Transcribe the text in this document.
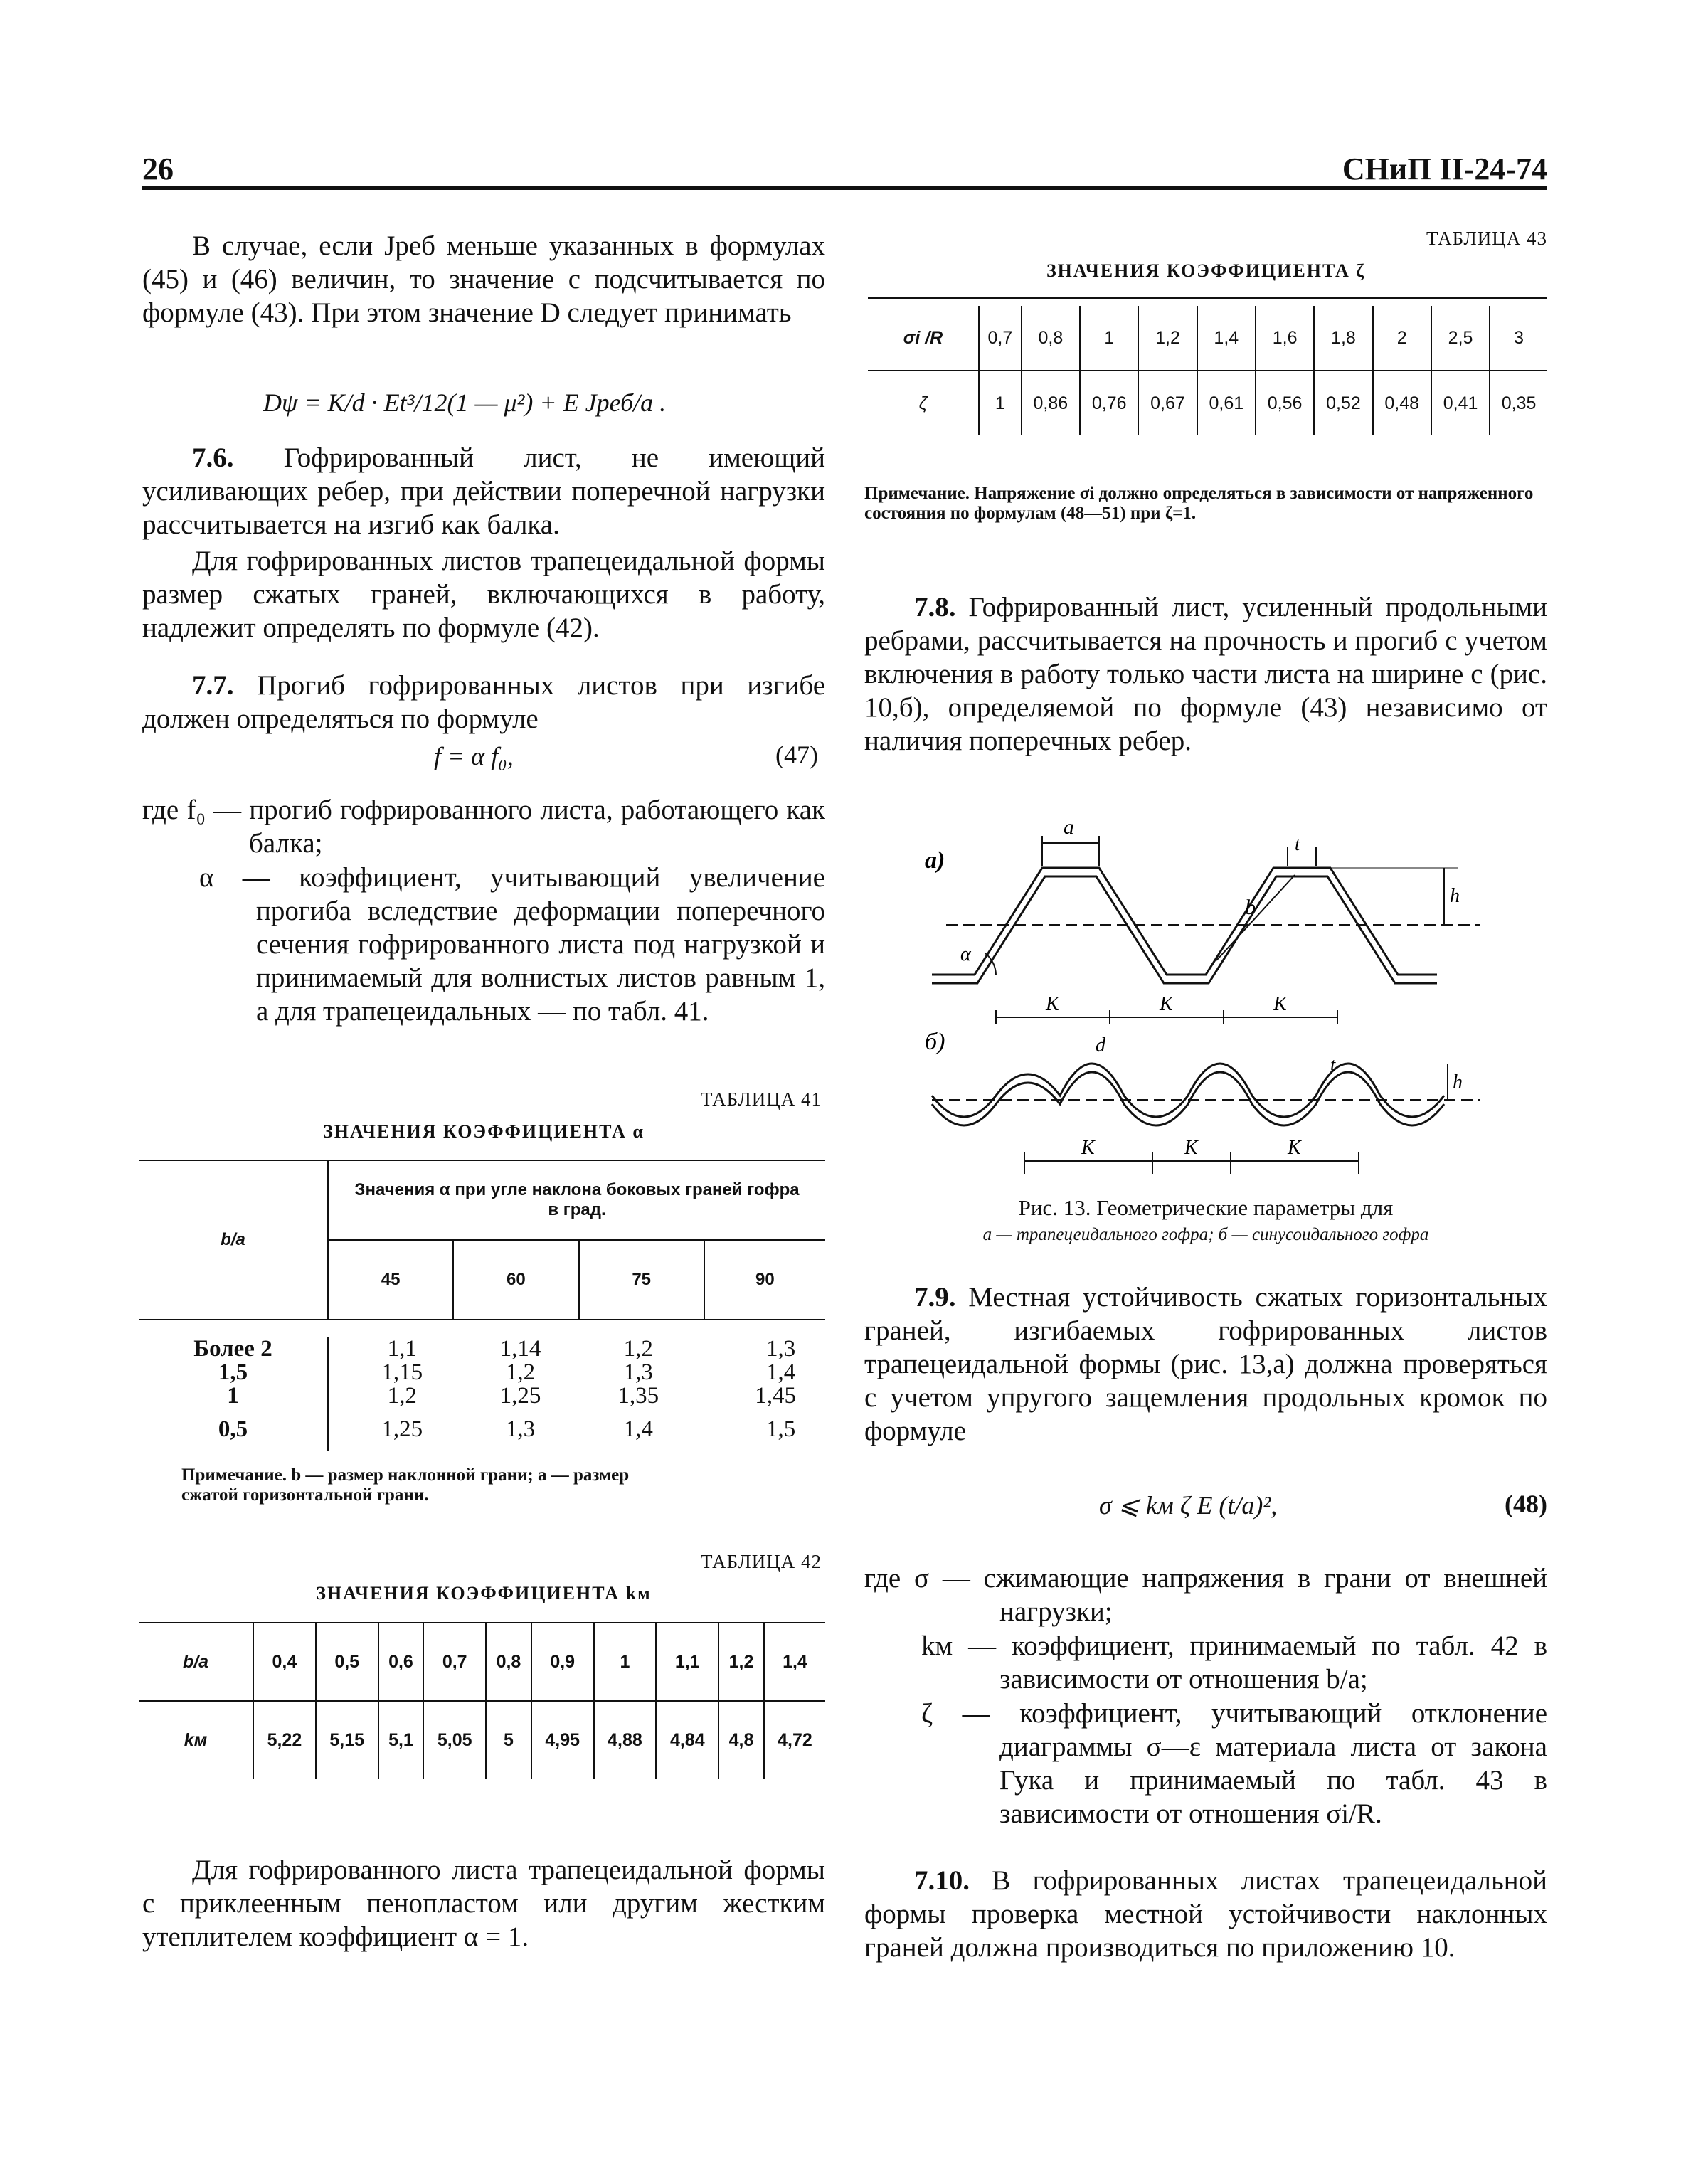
26	СНиП II-24-74
В случае, если Jреб меньше указанных в формулах (45) и (46) величин, то значение c подсчитывается по формуле (43). При этом значение D следует принимать
Dψ = K/d · Et³/12(1 — μ²) + E Jреб/a .
7.6. Гофрированный лист, не имеющий усиливающих ребер, при действии поперечной нагрузки рассчитывается на изгиб как балка.
Для гофрированных листов трапецеидальной формы размер сжатых граней, включающихся в работу, надлежит определять по формуле (42).
7.7. Прогиб гофрированных листов при изгибе должен определяться по формуле
f = α f₀,	(47)
где f₀ — прогиб гофрированного листа, работающего как балка;
α — коэффициент, учитывающий увеличение прогиба вследствие деформации поперечного сечения гофрированного листа под нагрузкой и принимаемый для волнистых листов равным 1, а для трапецеидальных — по табл. 41.
ТАБЛИЦА 41
ЗНАЧЕНИЯ КОЭФФИЦИЕНТА α
b/a	Значения α при угле наклона боковых граней гофра в град.			
	45	60	75	90
Более 2	1,1	1,14	1,2	1,3
1,5	1,15	1,2	1,3	1,4
1	1,2	1,25	1,35	1,45
0,5	1,25	1,3	1,4	1,5
Примечание. b — размер наклонной грани; a — размер сжатой горизонтальной грани.
ТАБЛИЦА 42
ЗНАЧЕНИЯ КОЭФФИЦИЕНТА kм
b/a	0,4	0,5	0,6	0,7	0,8	0,9	1	1,1	1,2	1,4
kм	5,22	5,15	5,1	5,05	5	4,95	4,88	4,84	4,8	4,72
Для гофрированного листа трапецеидальной формы с приклеенным пенопластом или другим жестким утеплителем коэффициент α = 1.
ТАБЛИЦА 43
ЗНАЧЕНИЯ КОЭФФИЦИЕНТА ζ
σi /R	0,7	0,8	1	1,2	1,4	1,6	1,8	2	2,5	3
ζ	1	0,86	0,76	0,67	0,61	0,56	0,52	0,48	0,41	0,35
Примечание. Напряжение σi должно определяться в зависимости от напряженного состояния по формулам (48—51) при ζ=1.
7.8. Гофрированный лист, усиленный продольными ребрами, рассчитывается на прочность и прогиб с учетом включения в работу только части листа на ширине c (рис. 10,б), определяемой по формуле (43) независимо от наличия поперечных ребер.
а)
a
b
t
h
α
K	K	K
б)	d
t
h
K	K	K
Рис. 13. Геометрические параметры для
а — трапецеидального гофра; б — синусоидального гофра
7.9. Местная устойчивость сжатых горизонтальных граней, изгибаемых гофрированных листов трапецеидальной формы (рис. 13,а) должна проверяться с учетом упругого защемления продольных кромок по формуле
σ ⩽ kм ζ E (t/a)²,	(48)
где σ — сжимающие напряжения в грани от внешней нагрузки;
kм — коэффициент, принимаемый по табл. 42 в зависимости от отношения b/a;
ζ — коэффициент, учитывающий отклонение диаграммы σ—ε материала листа от закона Гука и принимаемый по табл. 43 в зависимости от отношения σi/R.
7.10. В гофрированных листах трапецеидальной формы проверка местной устойчивости наклонных граней должна производиться по приложению 10.
